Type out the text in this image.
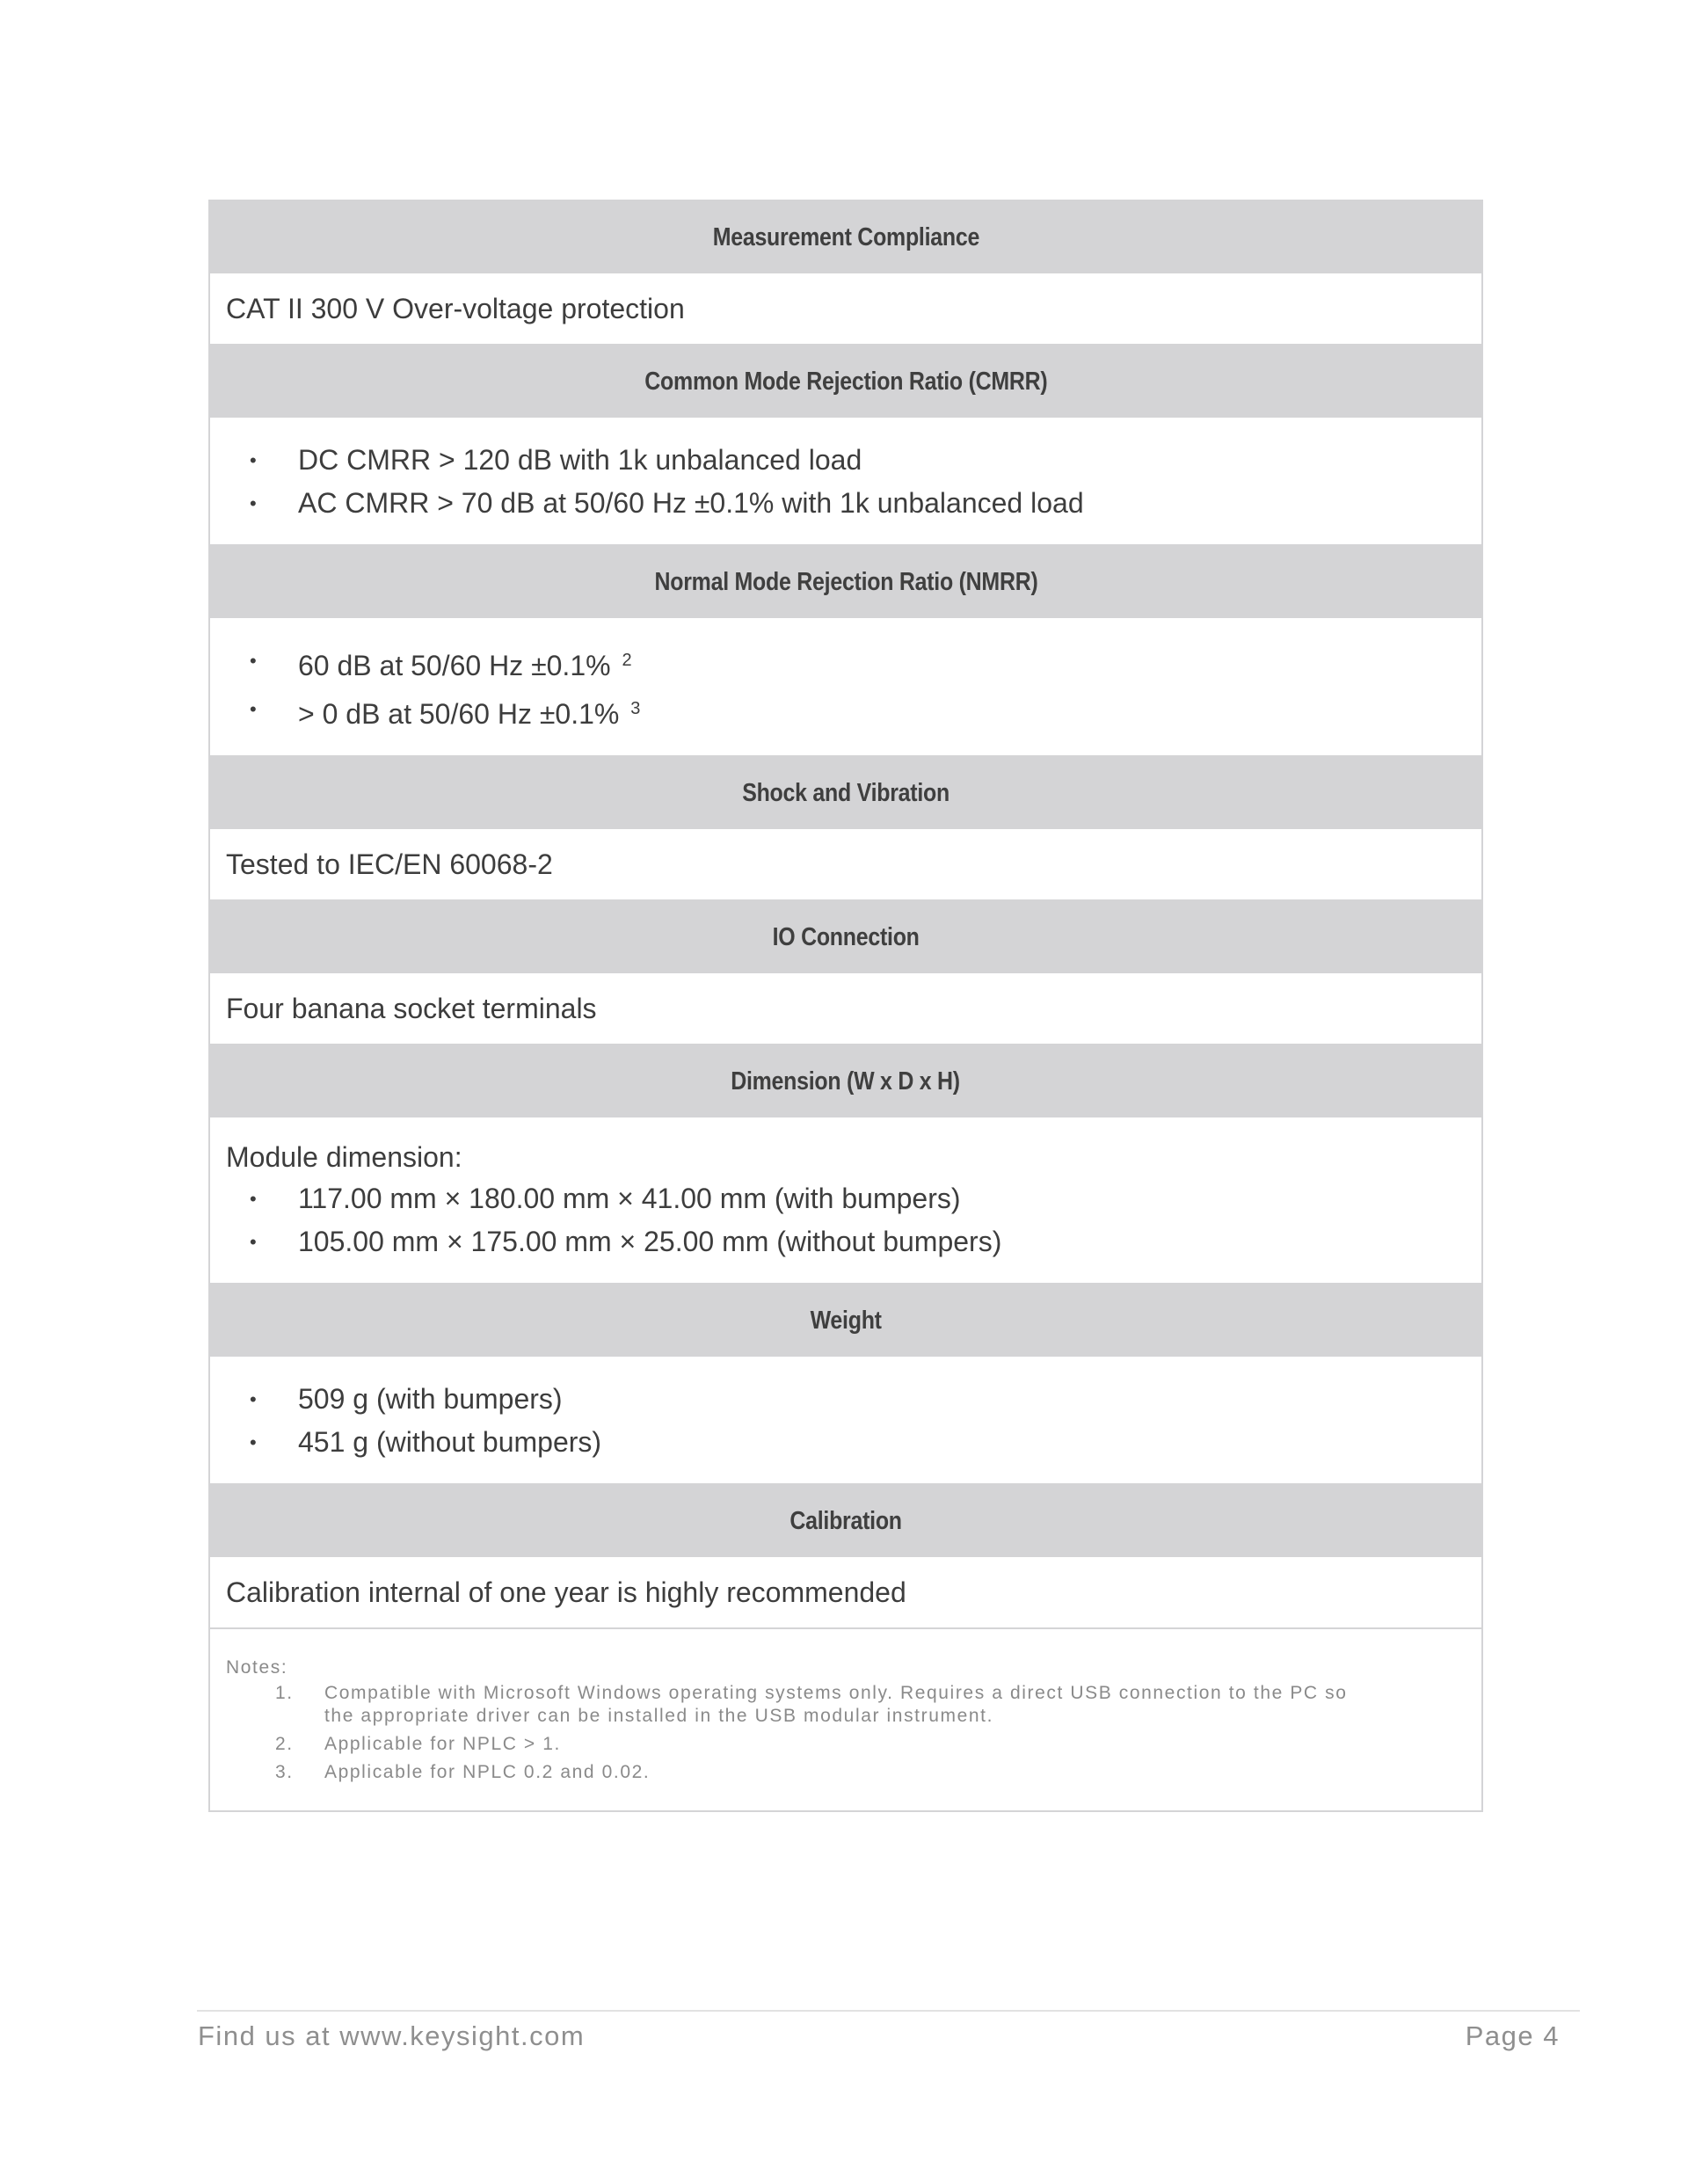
Measurement Compliance
CAT II 300 V Over-voltage protection
Common Mode Rejection Ratio (CMRR)
• DC CMRR > 120 dB with 1k unbalanced load
• AC CMRR > 70 dB at 50/60 Hz ±0.1% with 1k unbalanced load
Normal Mode Rejection Ratio (NMRR)
• 60 dB at 50/60 Hz ±0.1% $^2$
• > 0 dB at 50/60 Hz ±0.1% $^3$
Shock and Vibration
Tested to IEC/EN 60068-2
IO Connection
Four banana socket terminals
Dimension (W x D x H)
Module dimension:
• 117.00 mm × 180.00 mm × 41.00 mm (with bumpers)
• 105.00 mm × 175.00 mm × 25.00 mm (without bumpers)
Weight
• 509 g (with bumpers)
• 451 g (without bumpers)
Calibration
Calibration internal of one year is highly recommended
Notes:
1. Compatible with Microsoft Windows operating systems only. Requires a direct USB connection to the PC so the appropriate driver can be installed in the USB modular instrument.
2. Applicable for NPLC > 1.
3. Applicable for NPLC 0.2 and 0.02.
Find us at www.keysight.com	Page 4
